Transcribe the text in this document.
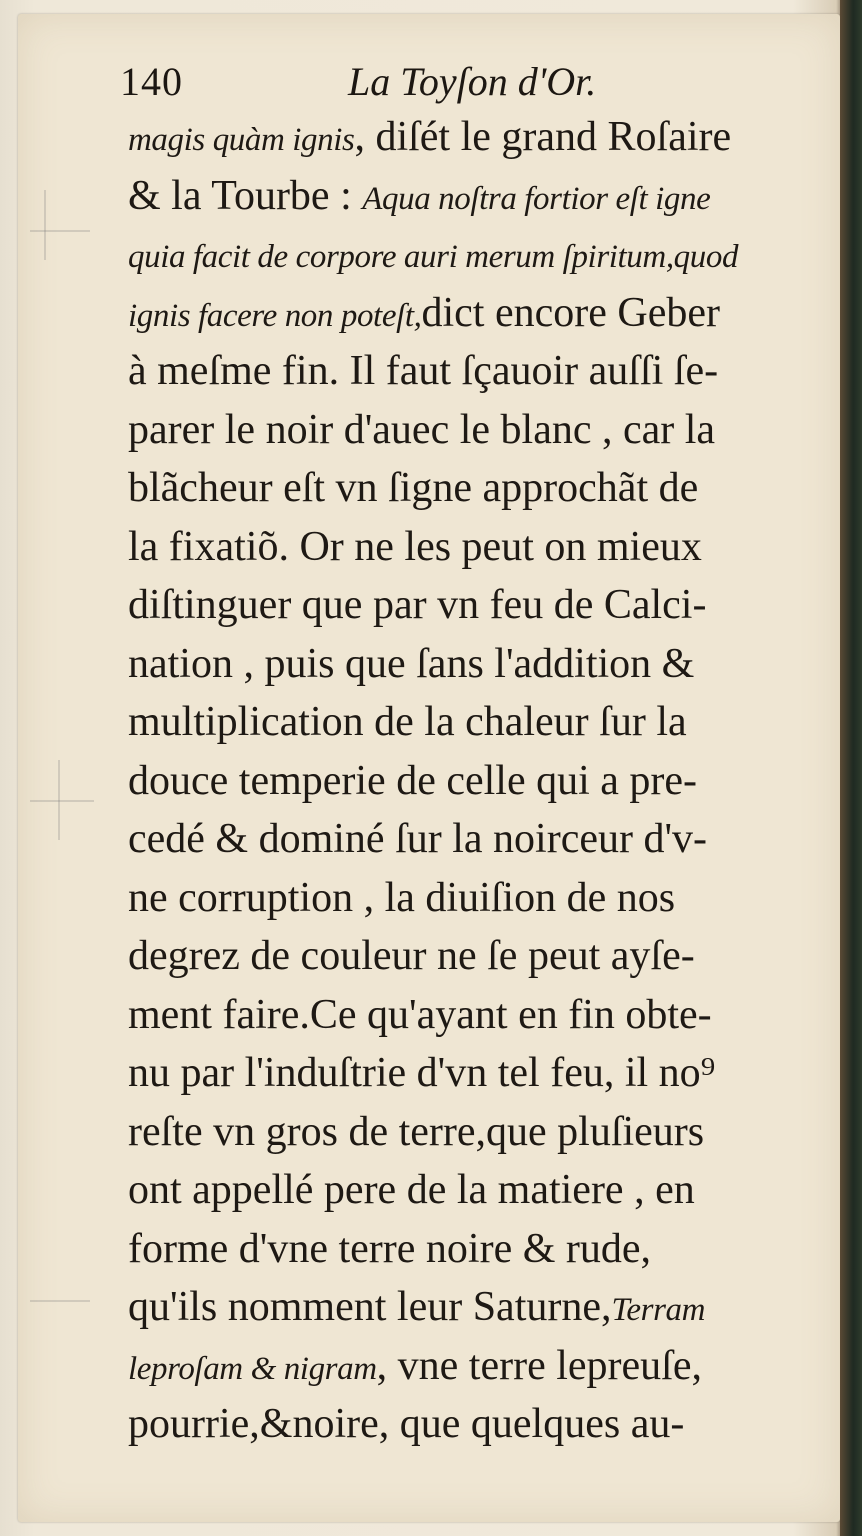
140	La Toyſon d'Or.
magis quàm ignis, diſét le grand Roſaire
& la Tourbe : Aqua noſtra fortior eſt igne
quia facit de corpore auri merum ſpiritum,quod
ignis facere non poteſt,dict encore Geber
à meſme fin. Il faut ſçauoir auſſi ſe-
parer le noir d'auec le blanc , car la
blãcheur eſt vn ſigne approchãt de
la fixatiõ. Or ne les peut on mieux
diſtinguer que par vn feu de Calci-
nation , puis que ſans l'addition &
multiplication de la chaleur ſur la
douce temperie de celle qui a pre-
cedé & dominé ſur la noirceur d'v-
ne corruption , la diuiſion de nos
degrez de couleur ne ſe peut ayſe-
ment faire.Ce qu'ayant en fin obte-
nu par l'induſtrie d'vn tel feu, il no⁹
reſte vn gros de terre,que pluſieurs
ont appellé pere de la matiere , en
forme d'vne terre noire & rude,
qu'ils nomment leur Saturne,Terram
leproſam & nigram, vne terre lepreuſe,
pourrie,&noire, que quelques au-
